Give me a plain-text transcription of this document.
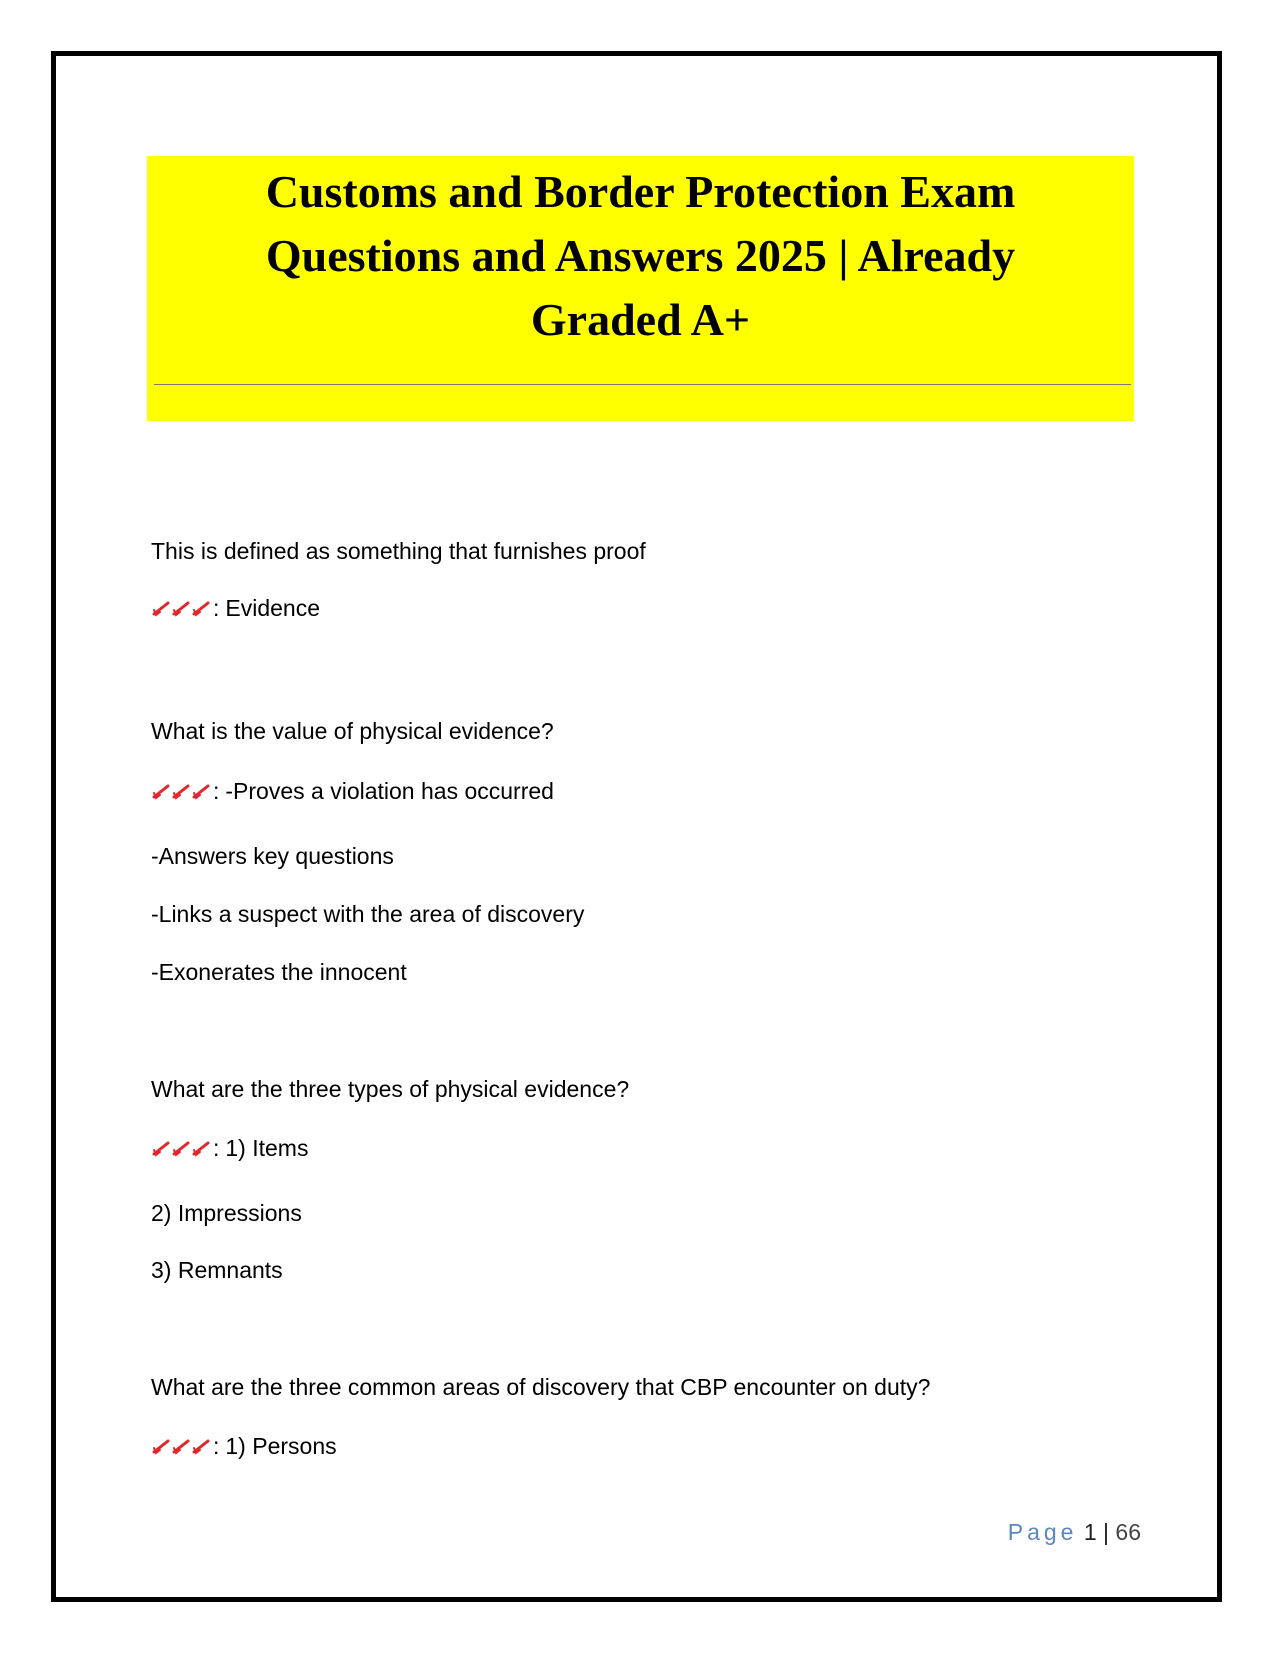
Customs and Border Protection Exam
Questions and Answers 2025 | Already
Graded A+
This is defined as something that furnishes proof
: Evidence
What is the value of physical evidence?
: -Proves a violation has occurred
-Answers key questions
-Links a suspect with the area of discovery
-Exonerates the innocent
What are the three types of physical evidence?
: 1) Items
2) Impressions
3) Remnants
What are the three common areas of discovery that CBP encounter on duty?
: 1) Persons
Page 1 | 66
